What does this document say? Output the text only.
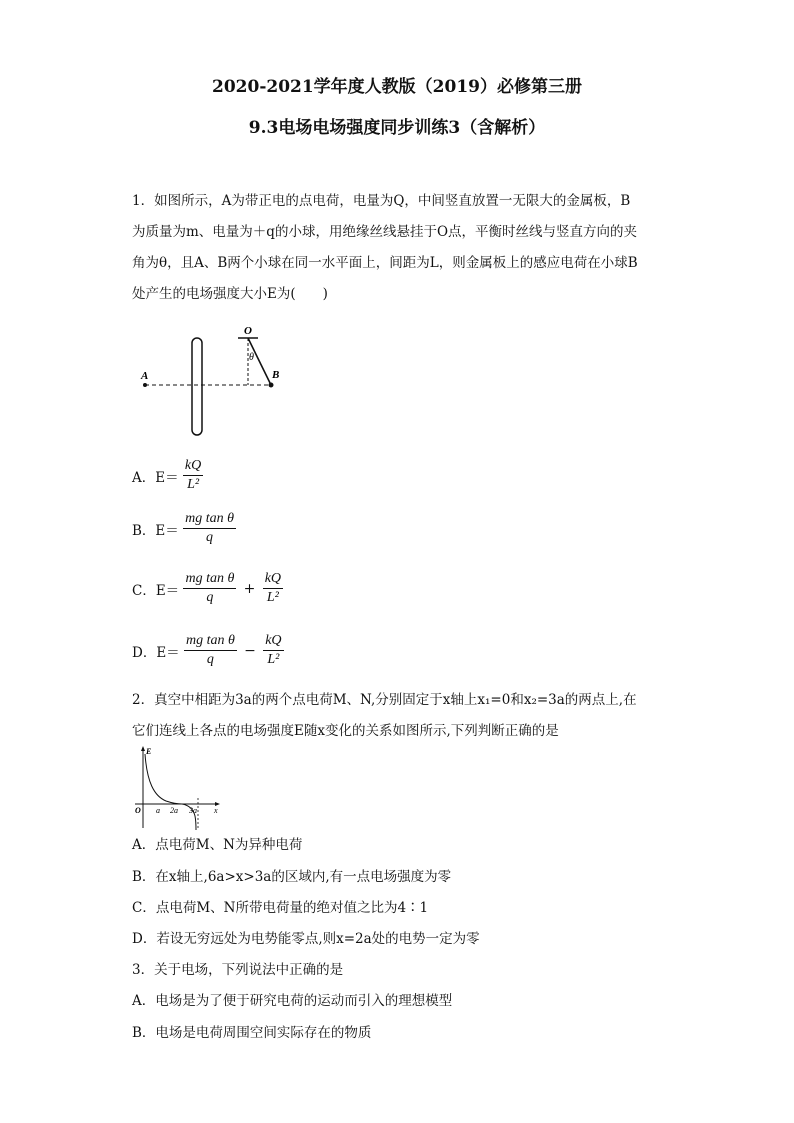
2020-2021学年度人教版（2019）必修第三册
9.3电场电场强度同步训练3（含解析）
1．如图所示，A为带正电的点电荷，电量为Q，中间竖直放置一无限大的金属板，B
为质量为m、电量为＋q的小球，用绝缘丝线悬挂于O点，平衡时丝线与竖直方向的夹
角为θ，且A、B两个小球在同一水平面上，间距为L，则金属板上的感应电荷在小球B
处产生的电场强度大小E为(　　)
A
O
θ
B
A．$E= \frac{kQ}{\text{L²}}$
B．$E= \frac{\text{mg tan θ}}{q}$
C．$E= \frac{\text{mg tan θ}}{q} + \frac{kQ}{\text{L²}}$
D．$E= \frac{\text{mg tan θ}}{q} - \frac{kQ}{\text{L²}}$
2．真空中相距为3a的两个点电荷M、N,分别固定于x轴上x₁=0和x₂=3a的两点上,在
它们连线上各点的电场强度E随x变化的关系如图所示,下列判断正确的是
E
x
O a 2a 3a
A．点电荷M、N为异种电荷
B．在x轴上,6a>x>3a的区域内,有一点电场强度为零
C．点电荷M、N所带电荷量的绝对值之比为4∶1
D．若设无穷远处为电势能零点,则x=2a处的电势一定为零
3．关于电场，下列说法中正确的是
A．电场是为了便于研究电荷的运动而引入的理想模型
B．电场是电荷周围空间实际存在的物质
